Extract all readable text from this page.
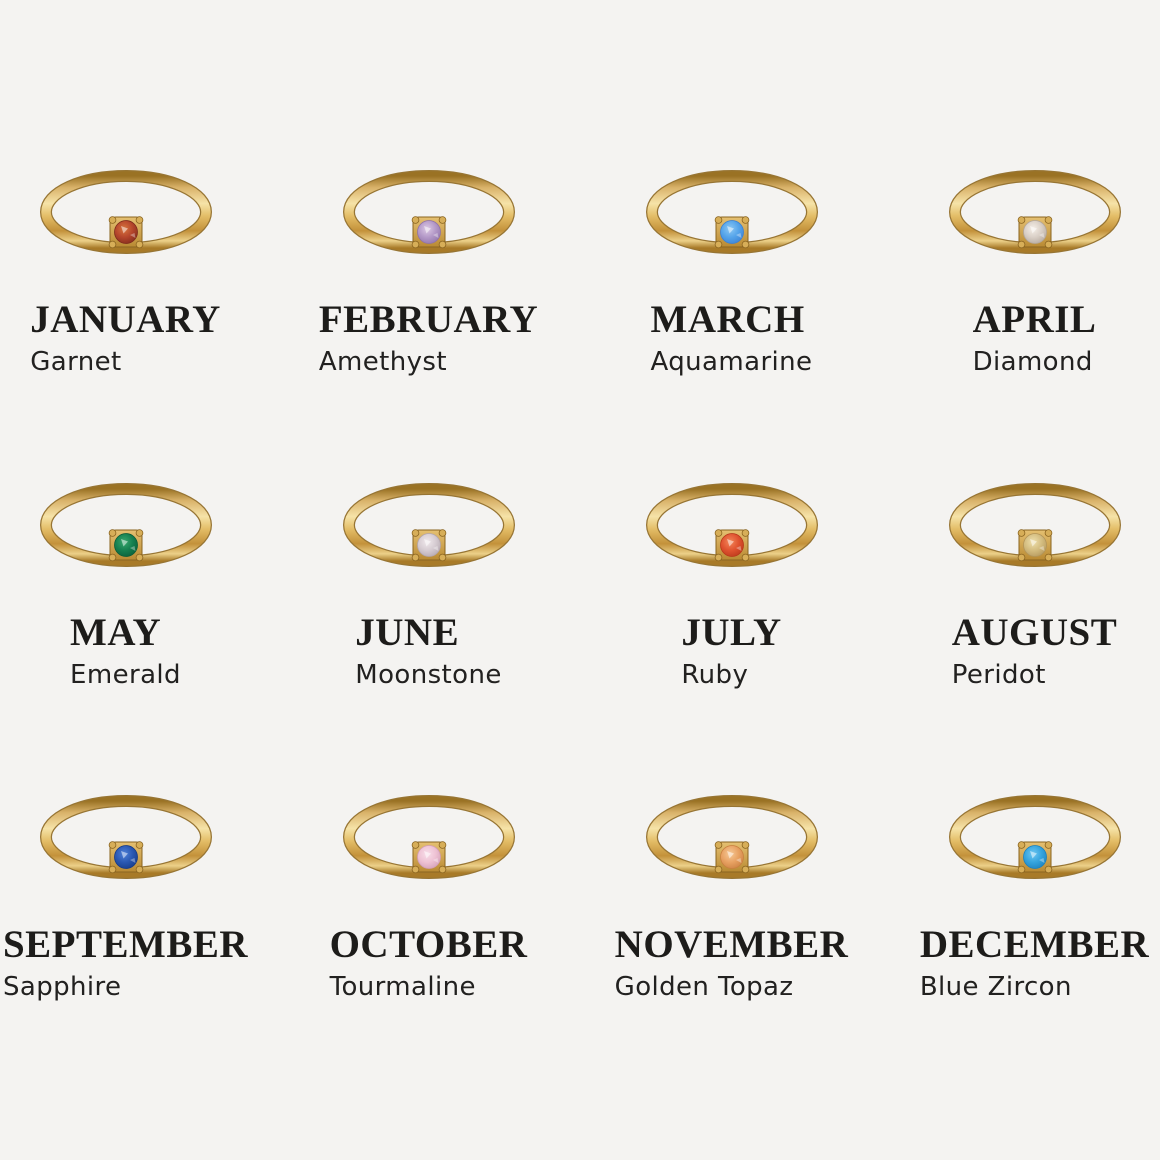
JANUARY
Garnet
FEBRUARY
Amethyst
MARCH
Aquamarine
APRIL
Diamond
MAY
Emerald
JUNE
Moonstone
JULY
Ruby
AUGUST
Peridot
SEPTEMBER
Sapphire
OCTOBER
Tourmaline
NOVEMBER
Golden Topaz
DECEMBER
Blue Zircon
